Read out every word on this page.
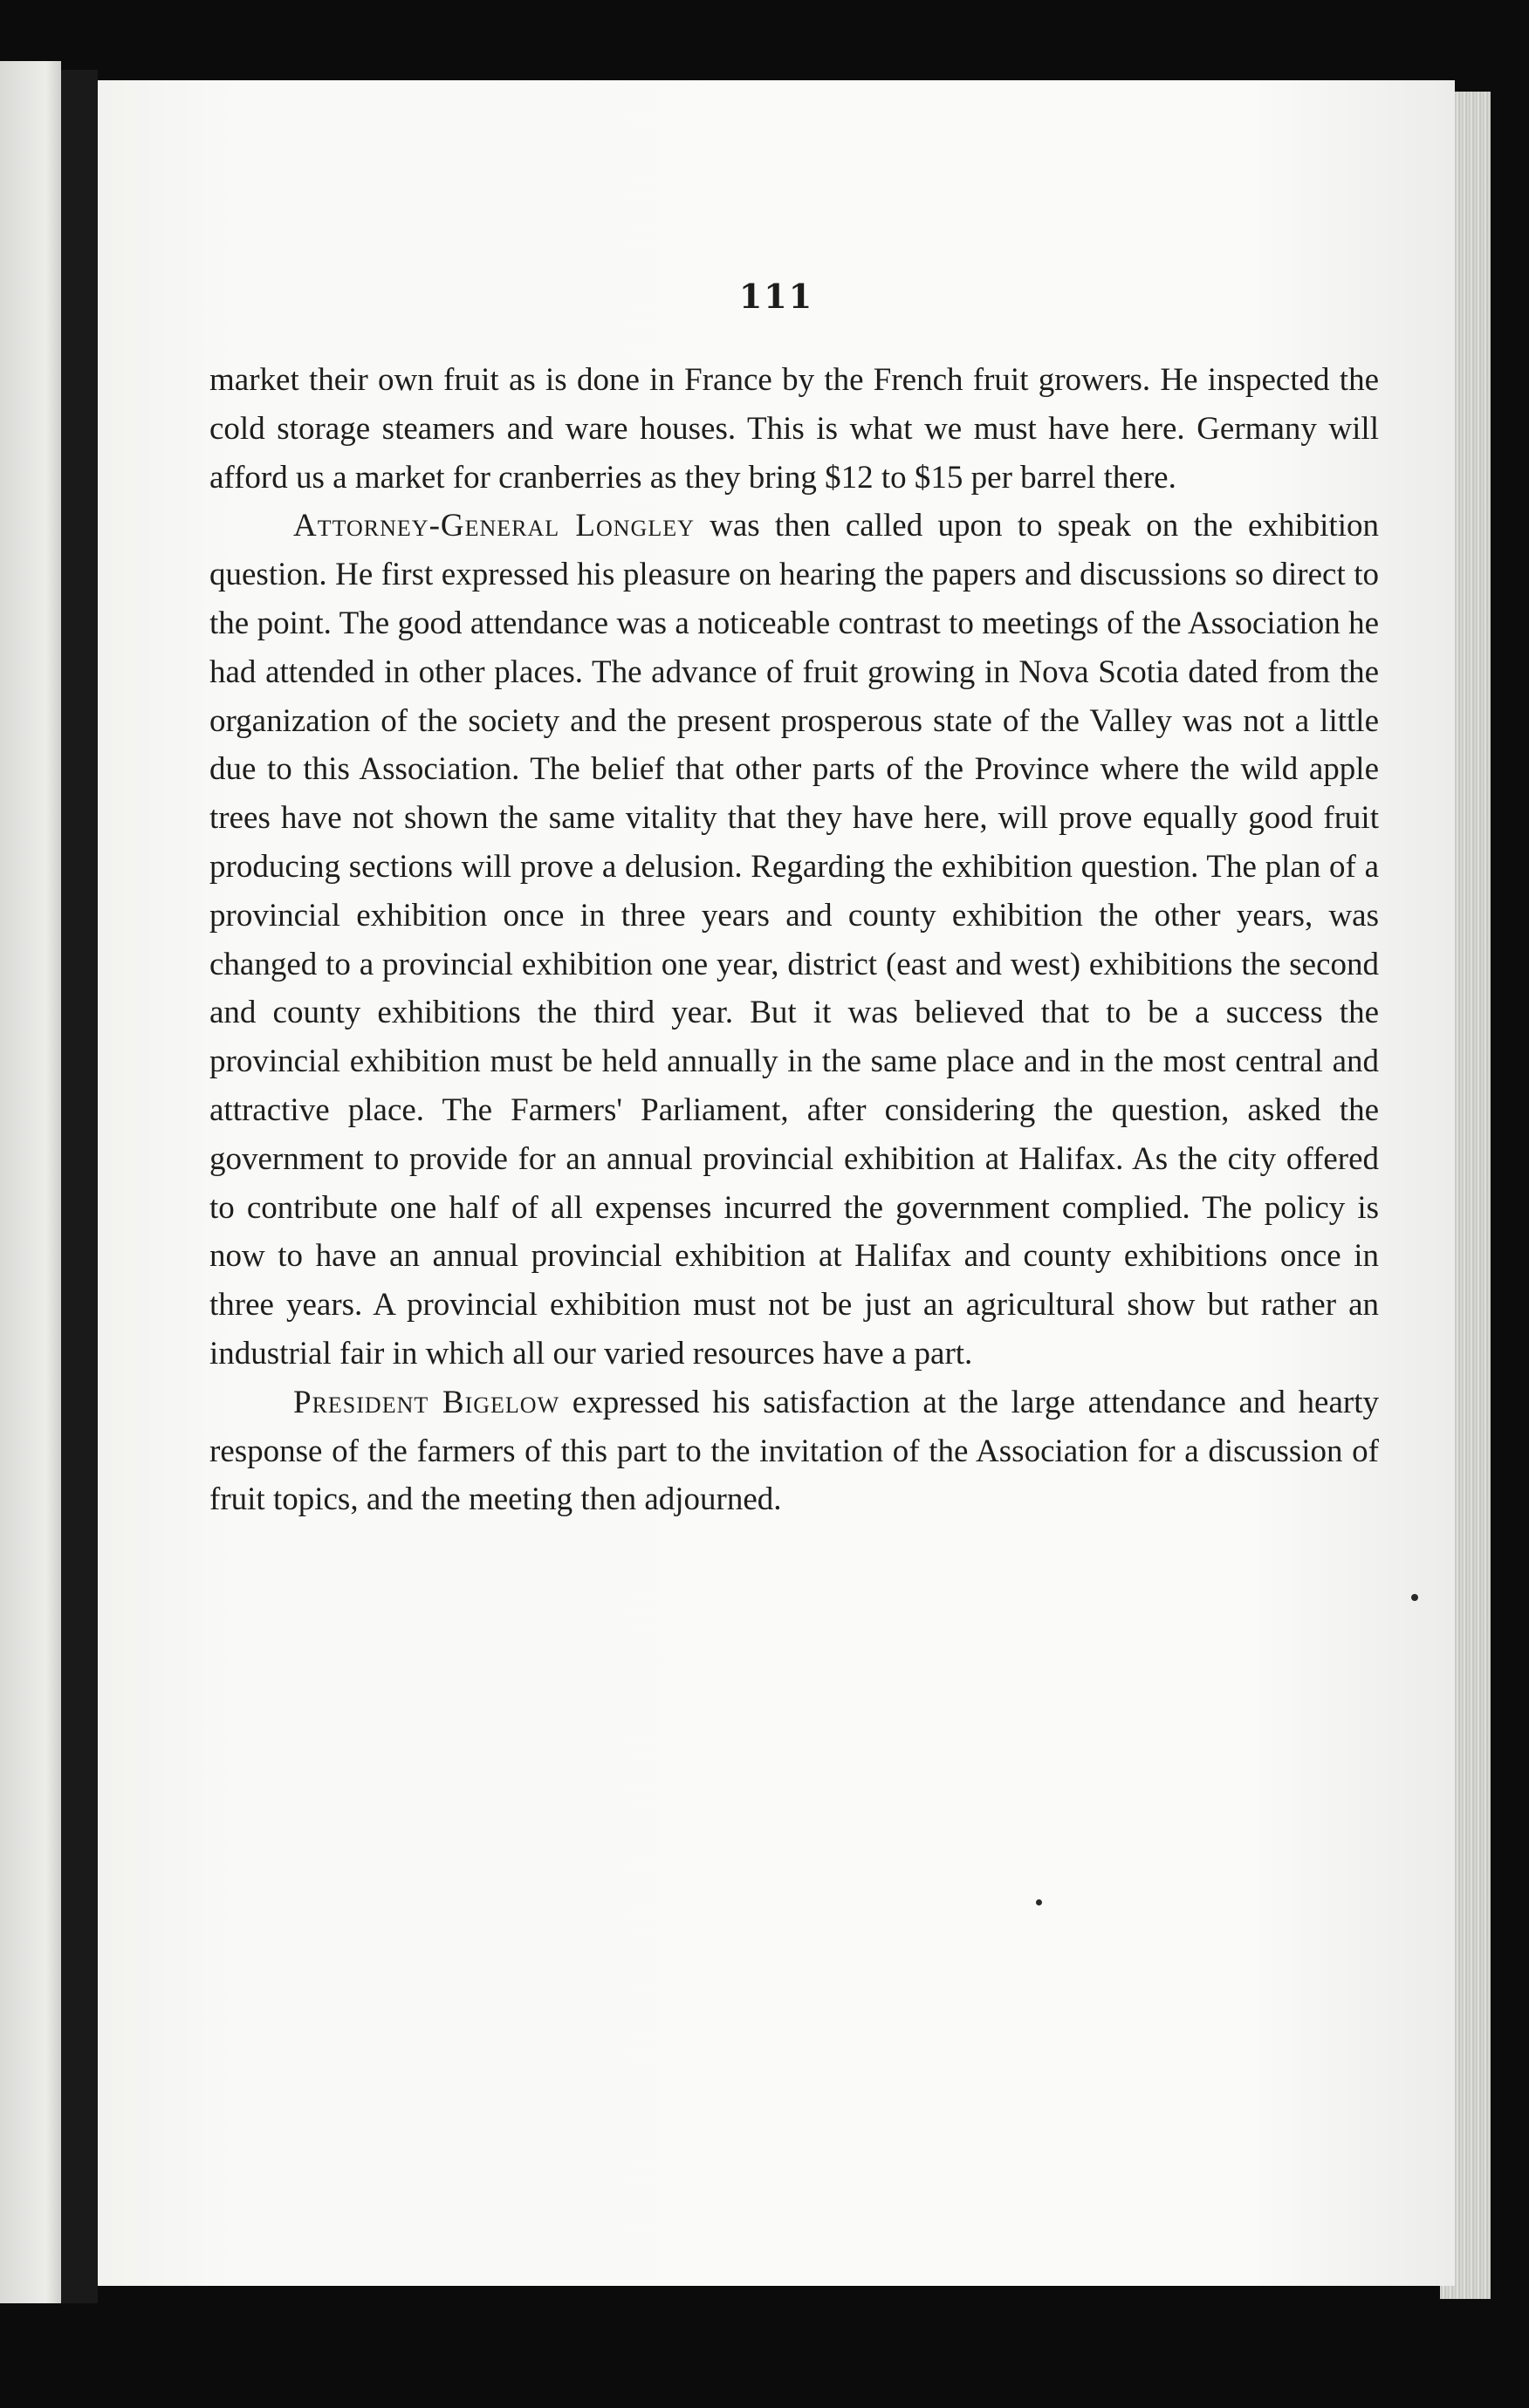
111

market their own fruit as is done in France by the French fruit growers. He inspected the cold storage steamers and ware houses. This is what we must have here. Germany will afford us a market for cranberries as they bring $12 to $15 per barrel there.

Attorney-General Longley was then called upon to speak on the exhibition question. He first expressed his pleasure on hearing the papers and discussions so direct to the point. The good attendance was a noticeable contrast to meetings of the Association he had attended in other places. The advance of fruit growing in Nova Scotia dated from the organization of the society and the present prosperous state of the Valley was not a little due to this Association. The belief that other parts of the Province where the wild apple trees have not shown the same vitality that they have here, will prove equally good fruit producing sections will prove a delusion. Regarding the exhibition question. The plan of a provincial exhibition once in three years and county exhibition the other years, was changed to a provincial exhibition one year, district (east and west) exhibitions the second and county exhibitions the third year. But it was believed that to be a success the provincial exhibition must be held annually in the same place and in the most central and attractive place. The Farmers' Parliament, after considering the question, asked the government to provide for an annual provincial exhibition at Halifax. As the city offered to contribute one half of all expenses incurred the government complied. The policy is now to have an annual provincial exhibition at Halifax and county exhibitions once in three years. A provincial exhibition must not be just an agricultural show but rather an industrial fair in which all our varied resources have a part.

President Bigelow expressed his satisfaction at the large attendance and hearty response of the farmers of this part to the invitation of the Association for a discussion of fruit topics, and the meeting then adjourned.
